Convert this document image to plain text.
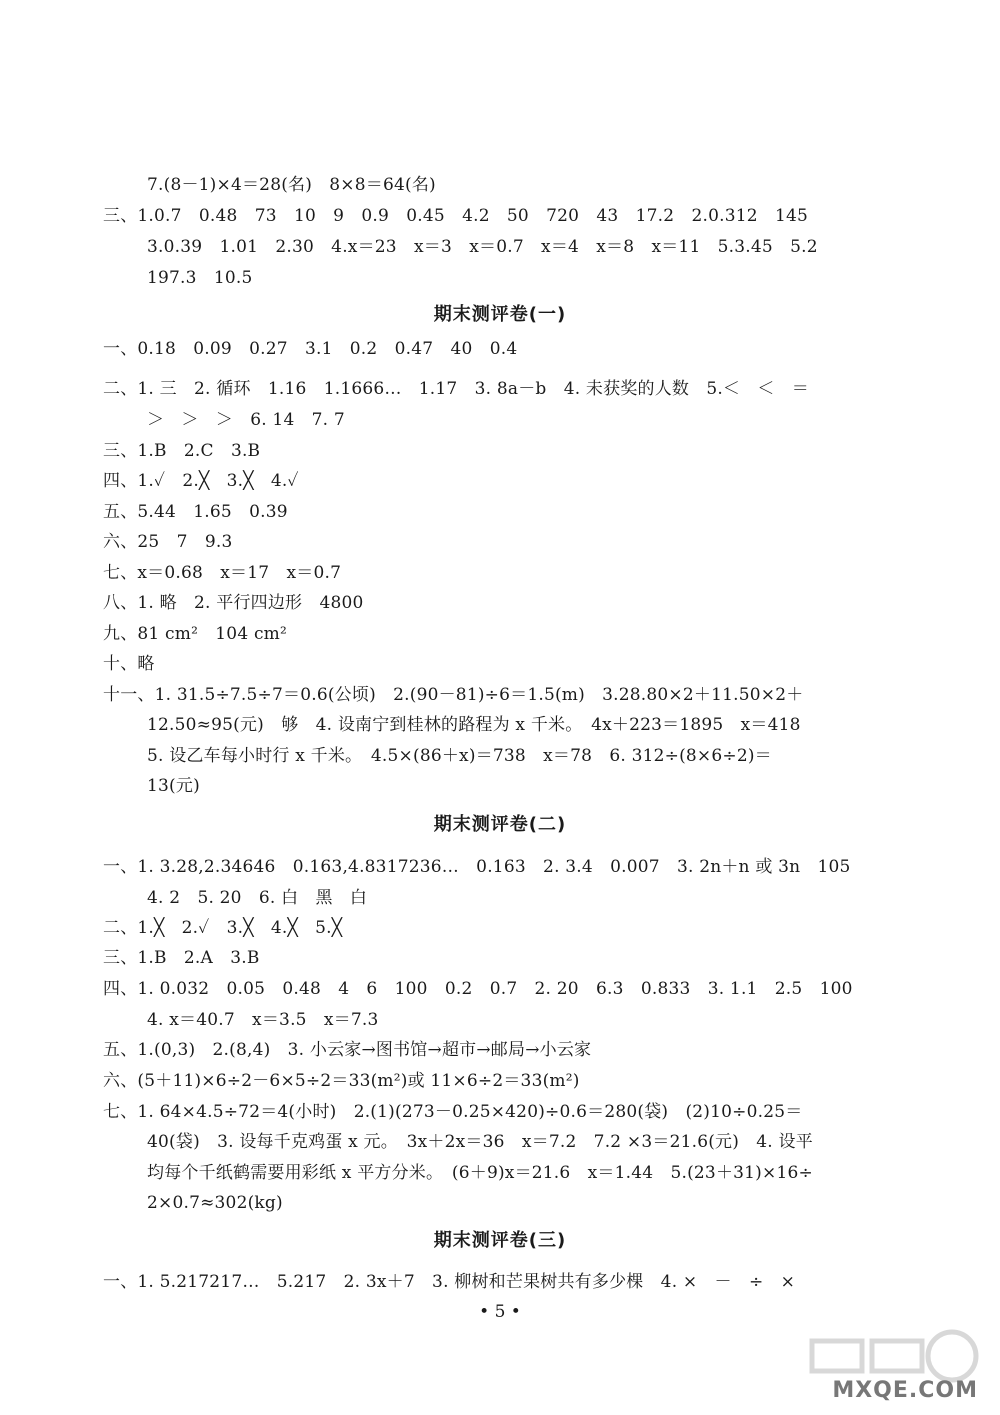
7.(8－1)×4＝28(名)　8×8＝64(名)
三、1.0.7　0.48　73　10　9　0.9　0.45　4.2　50　720　43　17.2　2.0.312　145
3.0.39　1.01　2.30　4.x＝23　x＝3　x＝0.7　x＝4　x＝8　x＝11　5.3.45　5.2
197.3　10.5
期末测评卷(一)
一、0.18　0.09　0.27　3.1　0.2　0.47　40　0.4
二、1. 三　2. 循环　1.16　1.1666…　1.17　3. 8a－b　4. 未获奖的人数　5.＜　＜　＝
＞　＞　＞　6. 14　7. 7
三、1.B　2.C　3.B
四、1.✓　2.╳　3.╳　4.✓
五、5.44　1.65　0.39
六、25　7　9.3
七、x＝0.68　x＝17　x＝0.7
八、1. 略　2. 平行四边形　4800
九、81 cm²　104 cm²
十、略
十一、1. 31.5÷7.5÷7＝0.6(公顷)　2.(90－81)÷6＝1.5(m)　3.28.80×2＋11.50×2＋
12.50≈95(元)　够　4. 设南宁到桂林的路程为 x 千米。　4x＋223＝1895　x＝418
5. 设乙车每小时行 x 千米。　4.5×(86＋x)＝738　x＝78　6. 312÷(8×6÷2)＝
13(元)
期末测评卷(二)
一、1. 3.28,2.34646　0.163,4.8317236…　0.163　2. 3.4　0.007　3. 2n＋n 或 3n　105
4. 2　5. 20　6. 白　黑　白
二、1.╳　2.✓　3.╳　4.╳　5.╳
三、1.B　2.A　3.B
四、1. 0.032　0.05　0.48　4　6　100　0.2　0.7　2. 20　6.3　0.833　3. 1.1　2.5　100
4. x＝40.7　x＝3.5　x＝7.3
五、1.(0,3)　2.(8,4)　3. 小云家→图书馆→超市→邮局→小云家
六、(5＋11)×6÷2－6×5÷2＝33(m²)或 11×6÷2＝33(m²)
七、1. 64×4.5÷72＝4(小时)　2.(1)(273－0.25×420)÷0.6＝280(袋)　(2)10÷0.25＝
40(袋)　3. 设每千克鸡蛋 x 元。　3x＋2x＝36　x＝7.2　7.2 ×3＝21.6(元)　4. 设平
均每个千纸鹤需要用彩纸 x 平方分米。　(6＋9)x＝21.6　x＝1.44　5.(23＋31)×16÷
2×0.7≈302(kg)
期末测评卷(三)
一、1. 5.217217…　5.217　2. 3x＋7　3. 柳树和芒果树共有多少棵　4. ×　－　÷　×
• 5 •
MXQE.COM
